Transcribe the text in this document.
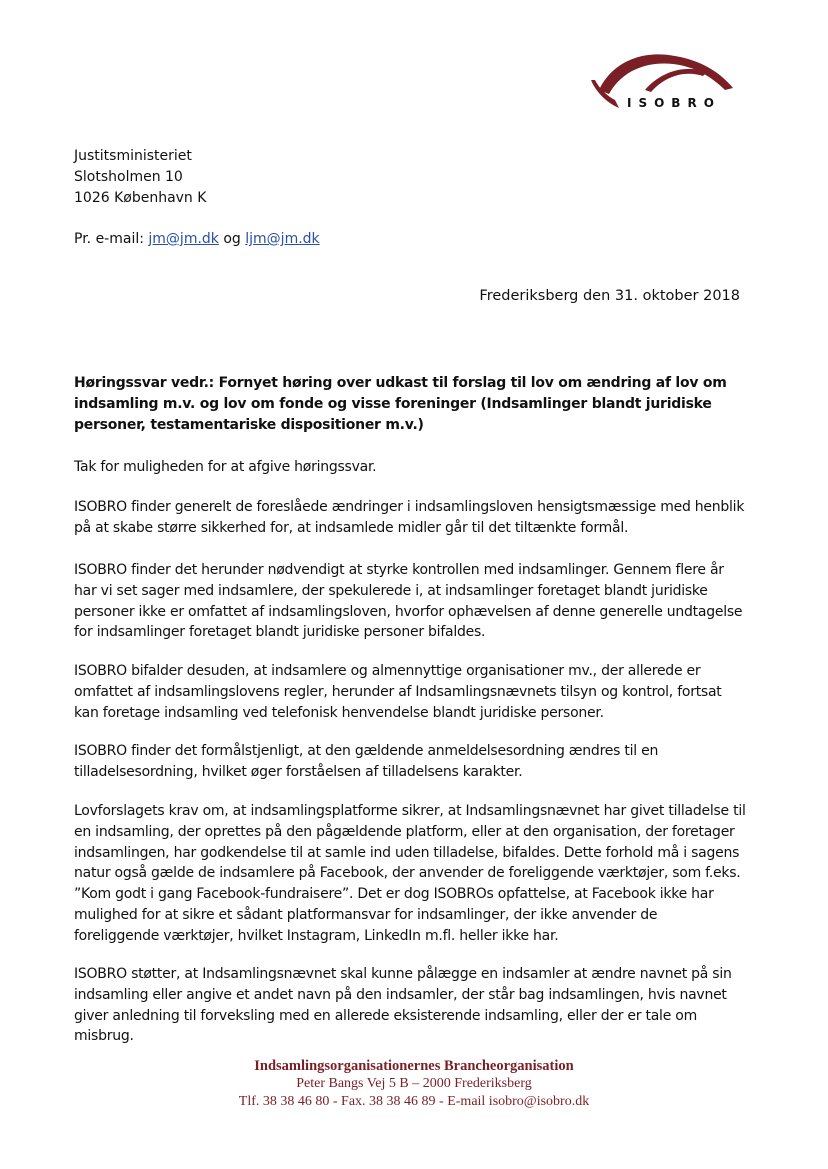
ISOBRO
Justitsministeriet
Slotsholmen 10
1026 København K
Pr. e-mail: jm@jm.dk og ljm@jm.dk
Frederiksberg den 31. oktober 2018
Høringssvar vedr.: Fornyet høring over udkast til forslag til lov om ændring af lov om indsamling m.v. og lov om fonde og visse foreninger (Indsamlinger blandt juridiske personer, testamentariske dispositioner m.v.)
Tak for muligheden for at afgive høringssvar.
ISOBRO finder generelt de foreslåede ændringer i indsamlingsloven hensigtsmæssige med henblik på at skabe større sikkerhed for, at indsamlede midler går til det tiltænkte formål.
ISOBRO finder det herunder nødvendigt at styrke kontrollen med indsamlinger. Gennem flere år har vi set sager med indsamlere, der spekulerede i, at indsamlinger foretaget blandt juridiske personer ikke er omfattet af indsamlingsloven, hvorfor ophævelsen af denne generelle undtagelse for indsamlinger foretaget blandt juridiske personer bifaldes.
ISOBRO bifalder desuden, at indsamlere og almennyttige organisationer mv., der allerede er omfattet af indsamlingslovens regler, herunder af Indsamlingsnævnets tilsyn og kontrol, fortsat kan foretage indsamling ved telefonisk henvendelse blandt juridiske personer.
ISOBRO finder det formålstjenligt, at den gældende anmeldelsesordning ændres til en tilladelsesordning, hvilket øger forståelsen af tilladelsens karakter.
Lovforslagets krav om, at indsamlingsplatforme sikrer, at Indsamlingsnævnet har givet tilladelse til en indsamling, der oprettes på den pågældende platform, eller at den organisation, der foretager indsamlingen, har godkendelse til at samle ind uden tilladelse, bifaldes. Dette forhold må i sagens natur også gælde de indsamlere på Facebook, der anvender de foreliggende værktøjer, som f.eks. ”Kom godt i gang Facebook-fundraisere”. Det er dog ISOBROs opfattelse, at Facebook ikke har mulighed for at sikre et sådant platformansvar for indsamlinger, der ikke anvender de foreliggende værktøjer, hvilket Instagram, LinkedIn m.fl. heller ikke har.
ISOBRO støtter, at Indsamlingsnævnet skal kunne pålægge en indsamler at ændre navnet på sin indsamling eller angive et andet navn på den indsamler, der står bag indsamlingen, hvis navnet giver anledning til forveksling med en allerede eksisterende indsamling, eller der er tale om misbrug.
Indsamlingsorganisationernes Brancheorganisation
Peter Bangs Vej 5 B – 2000 Frederiksberg
Tlf. 38 38 46 80 - Fax. 38 38 46 89 - E-mail isobro@isobro.dk
